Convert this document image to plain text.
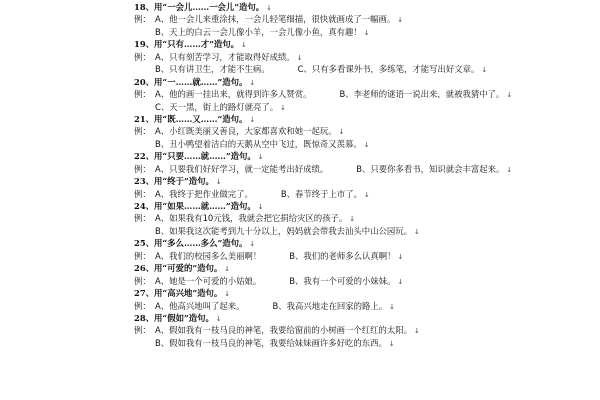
18、用“一会儿……一会儿”造句。 ↓
例： A、他一会儿来重涂抹，一会儿轻笔细描，很快就画成了一幅画。 ↓
B、天上的白云一会儿像小羊，一会儿像小鱼，真有趣！ ↓
19、用“只有……才”造句。 ↓
例： A、只有刻苦学习，才能取得好成绩。 ↓
B、只有讲卫生，才能不生病。	C、只有多看课外书，多练笔，才能写出好文章。 ↓
20、用“一……就……”造句。 ↓
例： A、他的画一挂出来，就得到许多人赞赏。	B、李老师的谜语一说出来，就被我猜中了。 ↓
C、天一黑，街上的路灯就亮了。 ↓
21、用“既……又……”造句。 ↓
例： A、小红既美丽又善良，大家都喜欢和她一起玩。 ↓
B、丑小鸭望着洁白的天鹅从空中飞过，既惊奇又羡慕。 ↓
22、用“只要……就……”造句。 ↓
例： A、只要我们好好学习，就一定能考出好成绩。	B、只要你多看书，知识就会丰富起来。 ↓
23、用“终于”造句。 ↓
例： A、我终于把作业做完了。	B、春节终于上市了。 ↓
24、用“如果……就……”造句。 ↓
例： A、如果我有10元钱，我就会把它捐给灾区的孩子。 ↓
B、如果我这次能考到九十分以上，妈妈就会带我去汕头中山公园玩。 ↓
25、用“多么……多么”造句。 ↓
例： A、我们的校园多么美丽啊！	B、我们的老师多么认真啊！ ↓
26、用“可爱的”造句。 ↓
例： A、她是一个可爱的小姑娘。	B、我有一个可爱的小妹妹。 ↓
27、用“高兴地”造句。 ↓
例： A、他高兴地叫了起来。	B、我高兴地走在回家的路上。 ↓
28、用“假如”造句。 ↓
例： A、假如我有一枝马良的神笔，我要给窗前的小树画一个红红的太阳。 ↓
B、假如我有一枝马良的神笔，我要给妹妹画许多好吃的东西。 ↓
